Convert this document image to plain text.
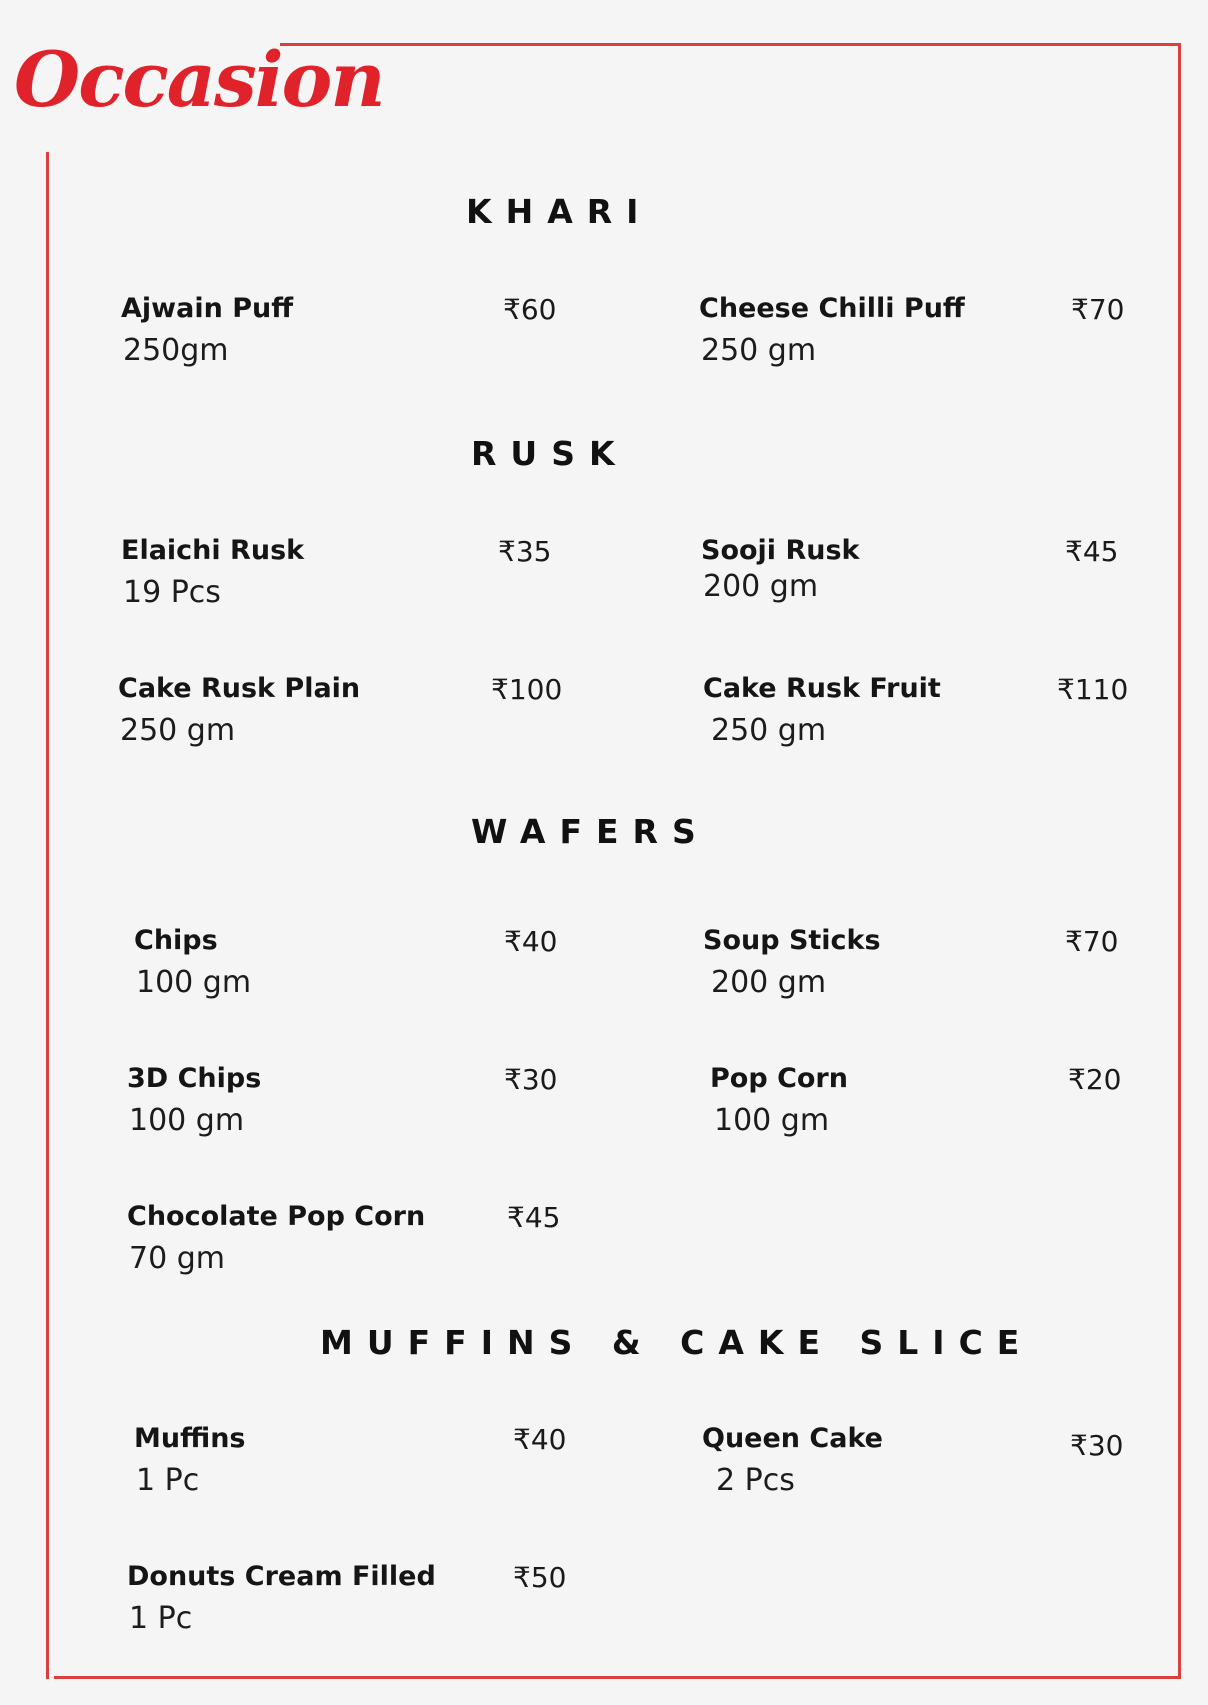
Occasion
KHARI
Ajwain Puff
250gm
₹60	Cheese Chilli Puff
250 gm
₹70
RUSK
Elaichi Rusk
19 Pcs
₹35	Sooji Rusk
200 gm
₹45
Cake Rusk Plain
250 gm
₹100	Cake Rusk Fruit
250 gm
₹110
WAFERS
Chips
100 gm
₹40	Soup Sticks
200 gm
₹70
3D Chips
100 gm
₹30	Pop Corn
100 gm
₹20
Chocolate Pop Corn
70 gm
₹45
MUFFINS & CAKE SLICE
Muffins
1 Pc
₹40	Queen Cake
2 Pcs
₹30
Donuts Cream Filled
1 Pc
₹50
